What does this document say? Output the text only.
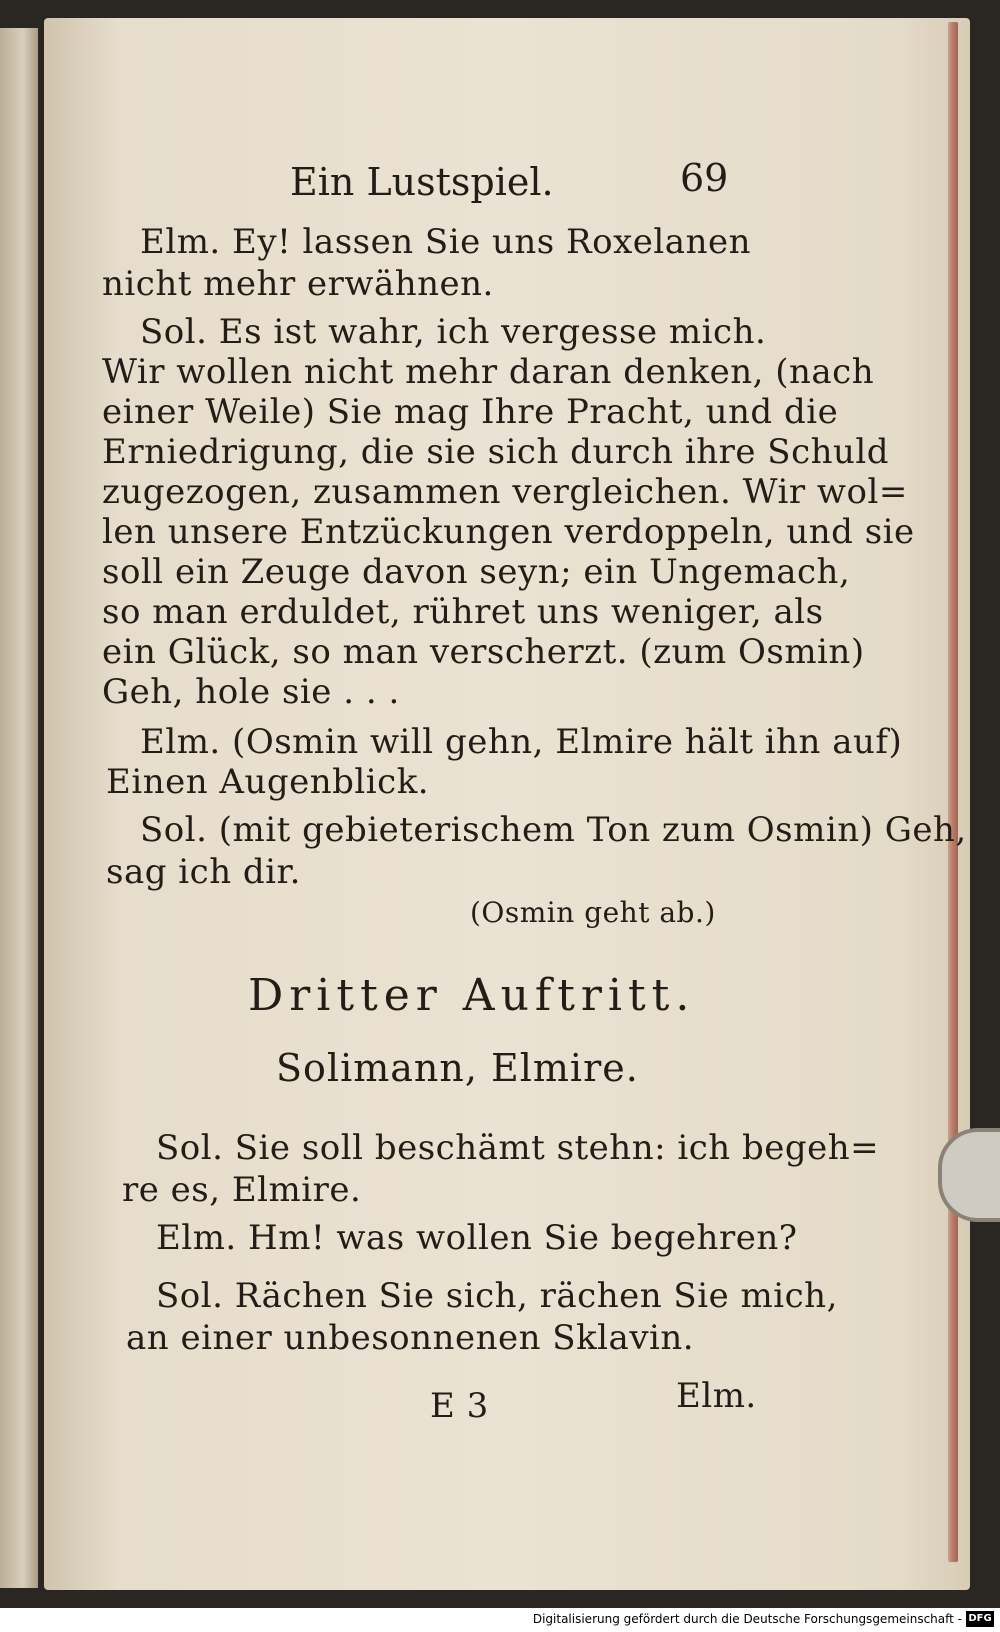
Ein Lustspiel.	69
Elm. Ey! lassen Sie uns Roxelanen
nicht mehr erwähnen.
Sol. Es ist wahr, ich vergesse mich.
Wir wollen nicht mehr daran denken, (nach
einer Weile) Sie mag Ihre Pracht, und die
Erniedrigung, die sie sich durch ihre Schuld
zugezogen, zusammen vergleichen. Wir wol=
len unsere Entzückungen verdoppeln, und sie
soll ein Zeuge davon seyn; ein Ungemach,
so man erduldet, rühret uns weniger, als
ein Glück, so man verscherzt. (zum Osmin)
Geh, hole sie . . .
Elm. (Osmin will gehn, Elmire hält ihn auf)
Einen Augenblick.
Sol. (mit gebieterischem Ton zum Osmin) Geh,
sag ich dir.
(Osmin geht ab.)
Dritter Auftritt.
Solimann, Elmire.
Sol. Sie soll beschämt stehn: ich begeh=
re es, Elmire.
Elm. Hm! was wollen Sie begehren?
Sol. Rächen Sie sich, rächen Sie mich,
an einer unbesonnenen Sklavin.
E 3	Elm.
Digitalisierung gefördert durch die Deutsche Forschungsgemeinschaft - DFG
